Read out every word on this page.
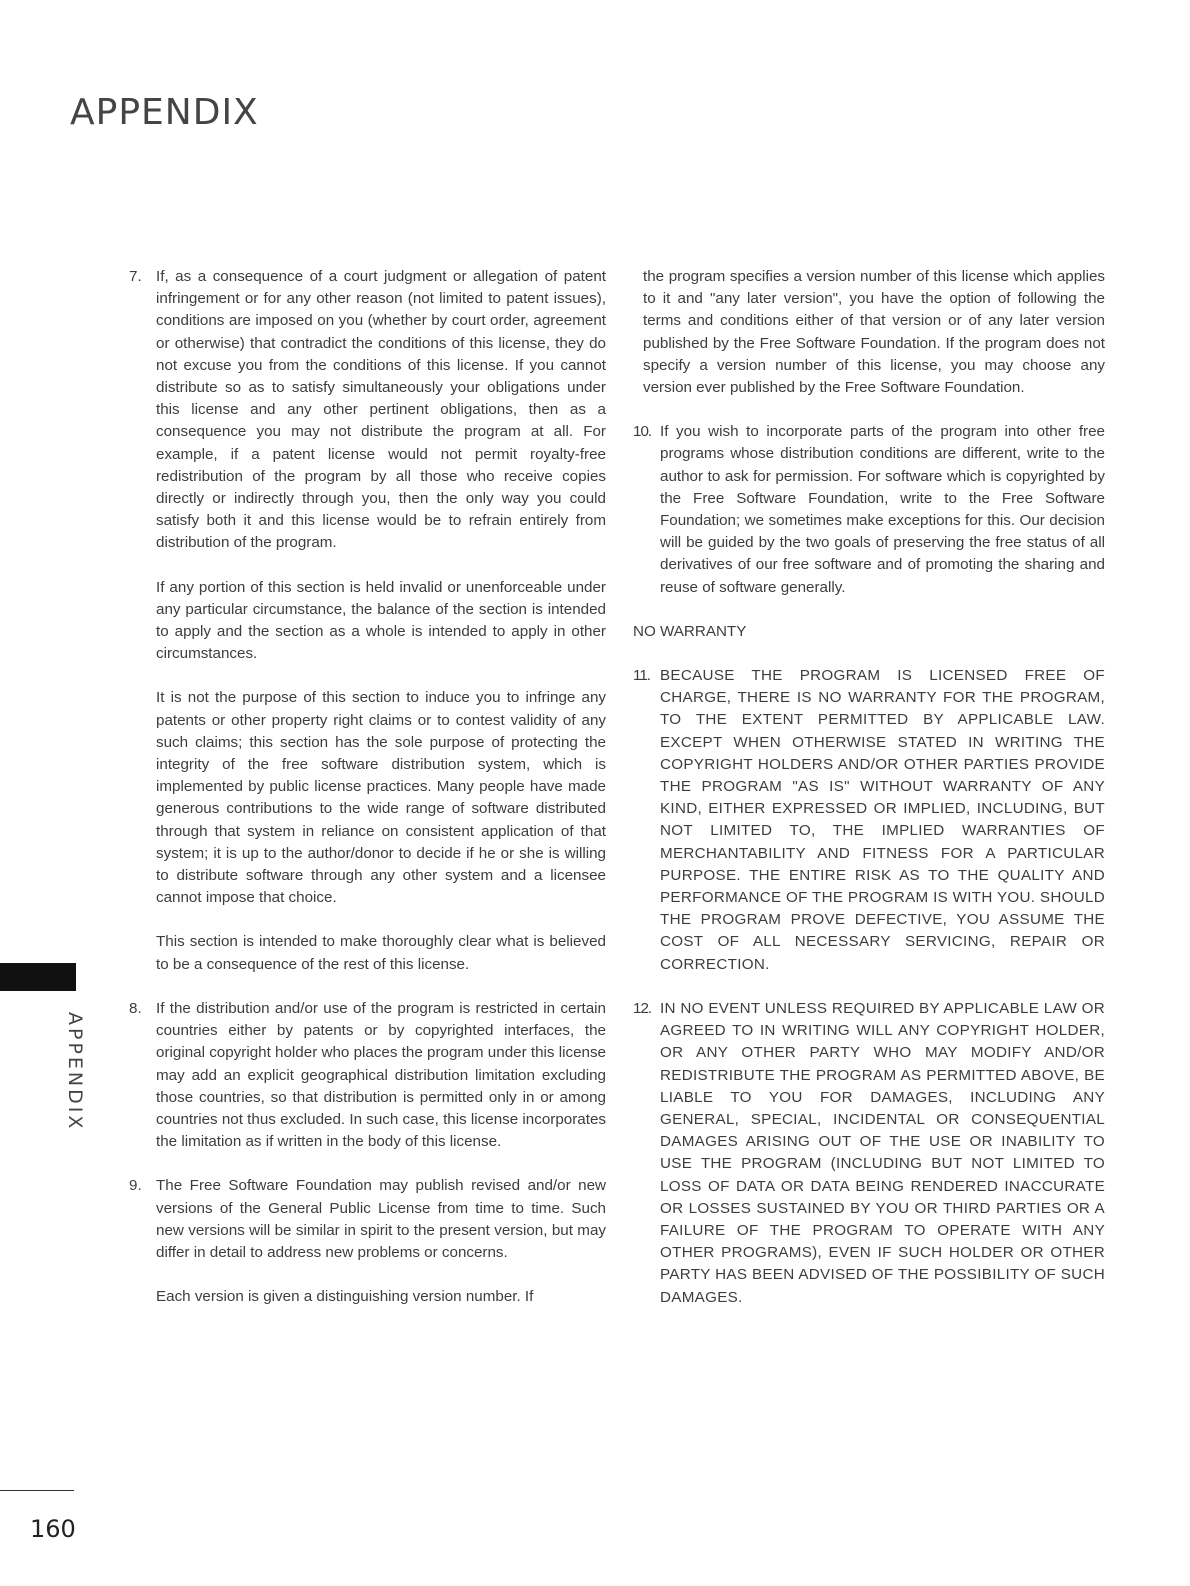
APPENDIX
APPENDIX
7. If, as a consequence of a court judgment or allegation of patent infringement or for any other reason (not limited to patent issues), conditions are imposed on you (whether by court order, agreement or otherwise) that contradict the conditions of this license, they do not excuse you from the conditions of this license. If you cannot distribute so as to satisfy simultaneously your obligations under this license and any other pertinent obligations, then as a consequence you may not distribute the program at all. For example, if a patent license would not permit royalty-free redistribution of the program by all those who receive copies directly or indirectly through you, then the only way you could satisfy both it and this license would be to refrain entirely from distribution of the program.

If any portion of this section is held invalid or unenforceable under any particular circumstance, the balance of the section is intended to apply and the section as a whole is intended to apply in other circumstances.

It is not the purpose of this section to induce you to infringe any patents or other property right claims or to contest validity of any such claims; this section has the sole purpose of protecting the integrity of the free software distribution system, which is implemented by public license practices. Many people have made generous contributions to the wide range of software distributed through that system in reliance on consistent application of that system; it is up to the author/donor to decide if he or she is willing to distribute software through any other system and a licensee cannot impose that choice.

This section is intended to make thoroughly clear what is believed to be a consequence of the rest of this license.

8. If the distribution and/or use of the program is restricted in certain countries either by patents or by copyrighted interfaces, the original copyright holder who places the program under this license may add an explicit geographical distribution limitation excluding those countries, so that distribution is permitted only in or among countries not thus excluded. In such case, this license incorporates the limitation as if written in the body of this license.
9. The Free Software Foundation may publish revised and/or new versions of the General Public License from time to time. Such new versions will be similar in spirit to the present version, but may differ in detail to address new problems or concerns.

Each version is given a distinguishing version number. If

the program specifies a version number of this license which applies to it and "any later version", you have the option of following the terms and conditions either of that version or of any later version published by the Free Software Foundation. If the program does not specify a version number of this license, you may choose any version ever published by the Free Software Foundation.

10. If you wish to incorporate parts of the program into other free programs whose distribution conditions are different, write to the author to ask for permission. For software which is copyrighted by the Free Software Foundation, write to the Free Software Foundation; we sometimes make exceptions for this. Our decision will be guided by the two goals of preserving the free status of all derivatives of our free software and of promoting the sharing and reuse of software generally.
NO WARRANTY
11. BECAUSE THE PROGRAM IS LICENSED FREE OF CHARGE, THERE IS NO WARRANTY FOR THE PROGRAM, TO THE EXTENT PERMITTED BY APPLICABLE LAW. EXCEPT WHEN OTHERWISE STATED IN WRITING THE COPYRIGHT HOLDERS AND/OR OTHER PARTIES PROVIDE THE PROGRAM "AS IS" WITHOUT WARRANTY OF ANY KIND, EITHER EXPRESSED OR IMPLIED, INCLUDING, BUT NOT LIMITED TO, THE IMPLIED WARRANTIES OF MERCHANTABILITY AND FITNESS FOR A PARTICULAR PURPOSE. THE ENTIRE RISK AS TO THE QUALITY AND PERFORMANCE OF THE PROGRAM IS WITH YOU. SHOULD THE PROGRAM PROVE DEFECTIVE, YOU ASSUME THE COST OF ALL NECESSARY SERVICING, REPAIR OR CORRECTION.
12. IN NO EVENT UNLESS REQUIRED BY APPLICABLE LAW OR AGREED TO IN WRITING WILL ANY COPYRIGHT HOLDER, OR ANY OTHER PARTY WHO MAY MODIFY AND/OR REDISTRIBUTE THE PROGRAM AS PERMITTED ABOVE, BE LIABLE TO YOU FOR DAMAGES, INCLUDING ANY GENERAL, SPECIAL, INCIDENTAL OR CONSEQUENTIAL DAMAGES ARISING OUT OF THE USE OR INABILITY TO USE THE PROGRAM (INCLUDING BUT NOT LIMITED TO LOSS OF DATA OR DATA BEING RENDERED INACCURATE OR LOSSES SUSTAINED BY YOU OR THIRD PARTIES OR A FAILURE OF THE PROGRAM TO OPERATE WITH ANY OTHER PROGRAMS), EVEN IF SUCH HOLDER OR OTHER PARTY HAS BEEN ADVISED OF THE POSSIBILITY OF SUCH DAMAGES.
160
